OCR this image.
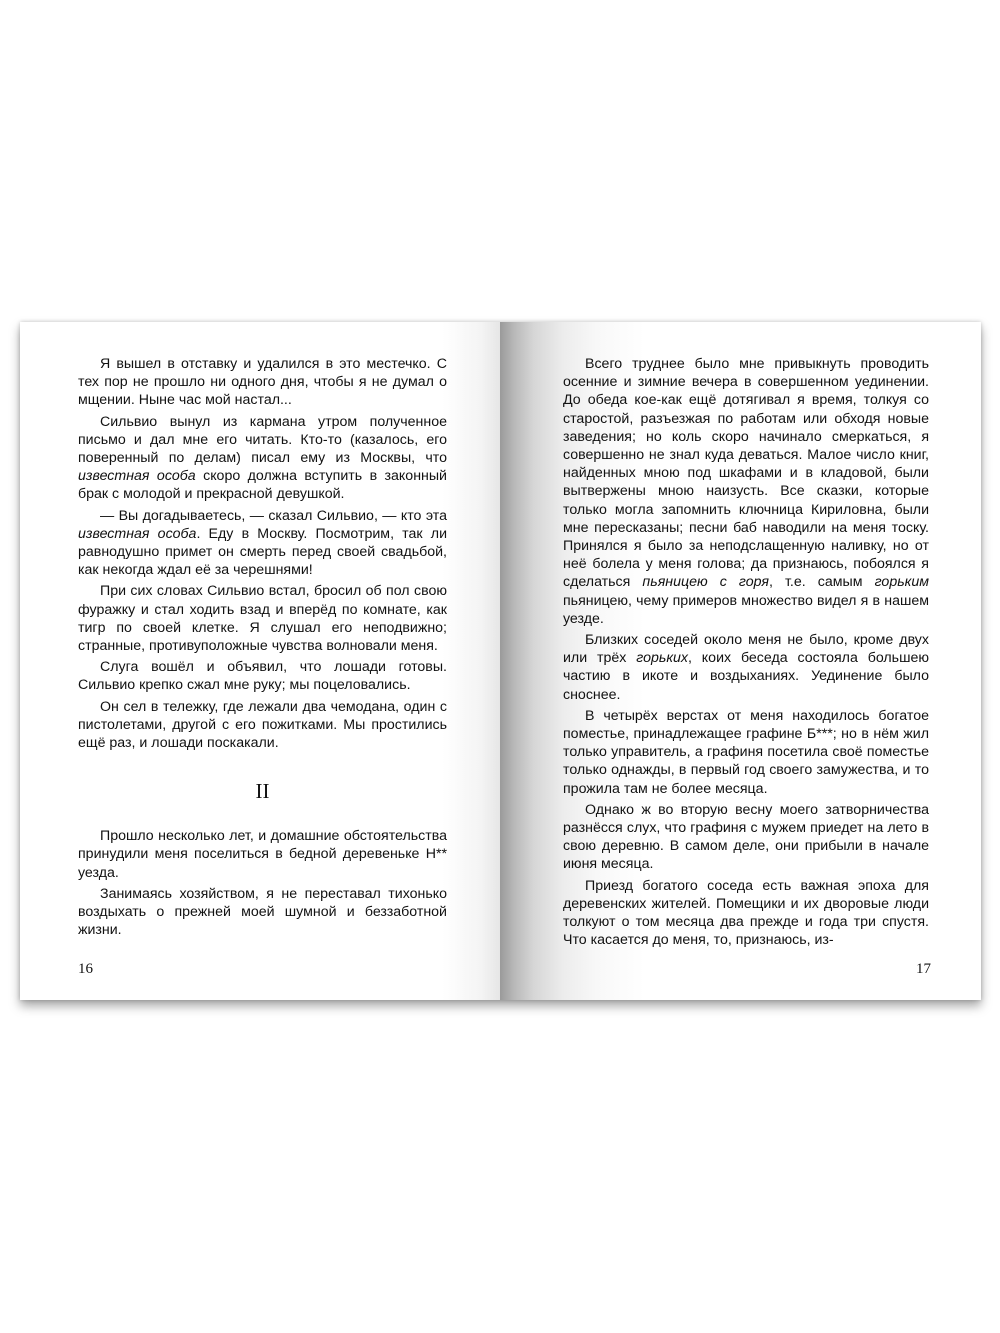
Я вышел в отставку и удалился в это местечко. С тех пор не прошло ни одного дня, чтобы я не думал о мщении. Ныне час мой настал...

Сильвио вынул из кармана утром полученное письмо и дал мне его читать. Кто-то (казалось, его поверенный по делам) писал ему из Москвы, что известная особа скоро должна вступить в законный брак с молодой и прекрасной девушкой.

— Вы догадываетесь, — сказал Сильвио, — кто эта известная особа. Еду в Москву. Посмотрим, так ли равнодушно примет он смерть перед своей свадьбой, как некогда ждал её за черешнями!

При сих словах Сильвио встал, бросил об пол свою фуражку и стал ходить взад и вперёд по комнате, как тигр по своей клетке. Я слушал его неподвижно; странные, противуположные чувства волновали меня.

Слуга вошёл и объявил, что лошади готовы. Сильвио крепко сжал мне руку; мы поцеловались.

Он сел в тележку, где лежали два чемодана, один с пистолетами, другой с его пожитками. Мы простились ещё раз, и лошади поскакали.

II

Прошло несколько лет, и домашние обстоятельства принудили меня поселиться в бедной деревеньке Н** уезда.

Занимаясь хозяйством, я не переставал тихонько воздыхать о прежней моей шумной и беззаботной жизни.

16

Всего труднее было мне привыкнуть проводить осенние и зимние вечера в совершенном уединении. До обеда кое-как ещё дотягивал я время, толкуя со старостой, разъезжая по работам или обходя новые заведения; но коль скоро начинало смеркаться, я совершенно не знал куда деваться. Малое число книг, найденных мною под шкафами и в кладовой, были вытвержены мною наизусть. Все сказки, которые только могла запомнить ключница Кириловна, были мне пересказаны; песни баб наводили на меня тоску. Принялся я было за неподслащенную наливку, но от неё болела у меня голова; да признаюсь, побоялся я сделаться пьяницею с горя, т.е. самым горьким пьяницею, чему примеров множество видел я в нашем уезде.

Близких соседей около меня не было, кроме двух или трёх горьких, коих беседа состояла большею частию в икоте и воздыханиях. Уединение было сноснее.

В четырёх верстах от меня находилось богатое поместье, принадлежащее графине Б***; но в нём жил только управитель, а графиня посетила своё поместье только однажды, в первый год своего замужества, и то прожила там не более месяца.

Однако ж во вторую весну моего затворничества разнёсся слух, что графиня с мужем приедет на лето в свою деревню. В самом деле, они прибыли в начале июня месяца.

Приезд богатого соседа есть важная эпоха для деревенских жителей. Помещики и их дворовые люди толкуют о том месяца два прежде и года три спустя. Что касается до меня, то, признаюсь, из-

17
